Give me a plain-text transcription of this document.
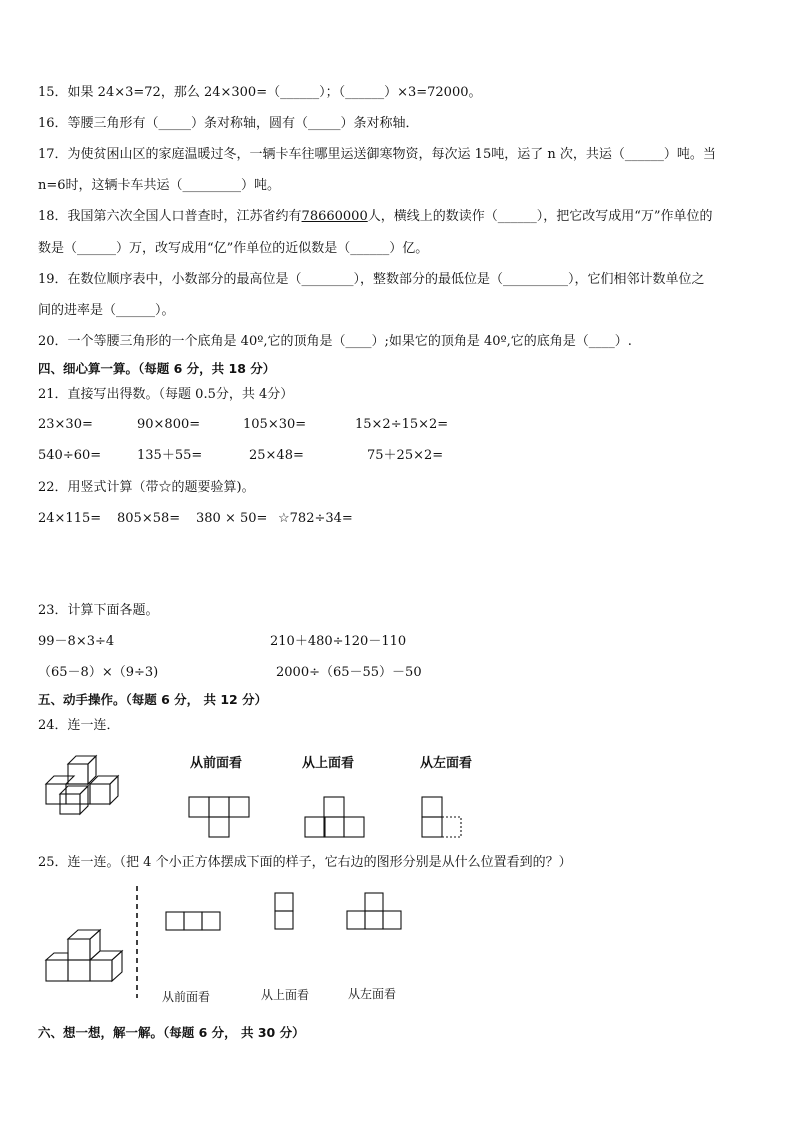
15．如果 24×3=72，那么 24×300=（______）；（______）×3=72000。
16．等腰三角形有（_____）条对称轴，圆有（_____）条对称轴．
17．为使贫困山区的家庭温暖过冬，一辆卡车往哪里运送御寒物资，每次运 15吨，运了 n 次，共运（______）吨。当
n=6时，这辆卡车共运（_________）吨。
18．我国第六次全国人口普查时，江苏省约有78660000人，横线上的数读作（______），把它改写成用“万”作单位的
数是（______）万，改写成用“亿”作单位的近似数是（______）亿。
19．在数位顺序表中，小数部分的最高位是（________），整数部分的最低位是（__________），它们相邻计数单位之
间的进率是（______）。
20．一个等腰三角形的一个底角是 40º,它的顶角是（____）;如果它的顶角是 40º,它的底角是（____）.
四、细心算一算。（每题 6 分，共 18 分）
21．直接写出得数。（每题 0.5分，共 4分）
23×30=	90×800=	105×30=	15×2÷15×2=
540÷60=	135＋55=	25×48=	75＋25×2=
22．用竖式计算（带☆的题要验算)。
24×115= 805×58= 380 × 50= ☆782÷34=
23．计算下面各题。
99－8×3÷4	210＋480÷120－110
（65－8）×（9÷3)	2000÷（65－55）－50
五、动手操作。（每题 6 分， 共 12 分）
24．连一连．
从前面看	从上面看	从左面看
25．连一连。（把 4 个小正方体摆成下面的样子，它右边的图形分别是从什么位置看到的？）
从前面看	从上面看	从左面看
六、想一想，解一解。（每题 6 分， 共 30 分）
